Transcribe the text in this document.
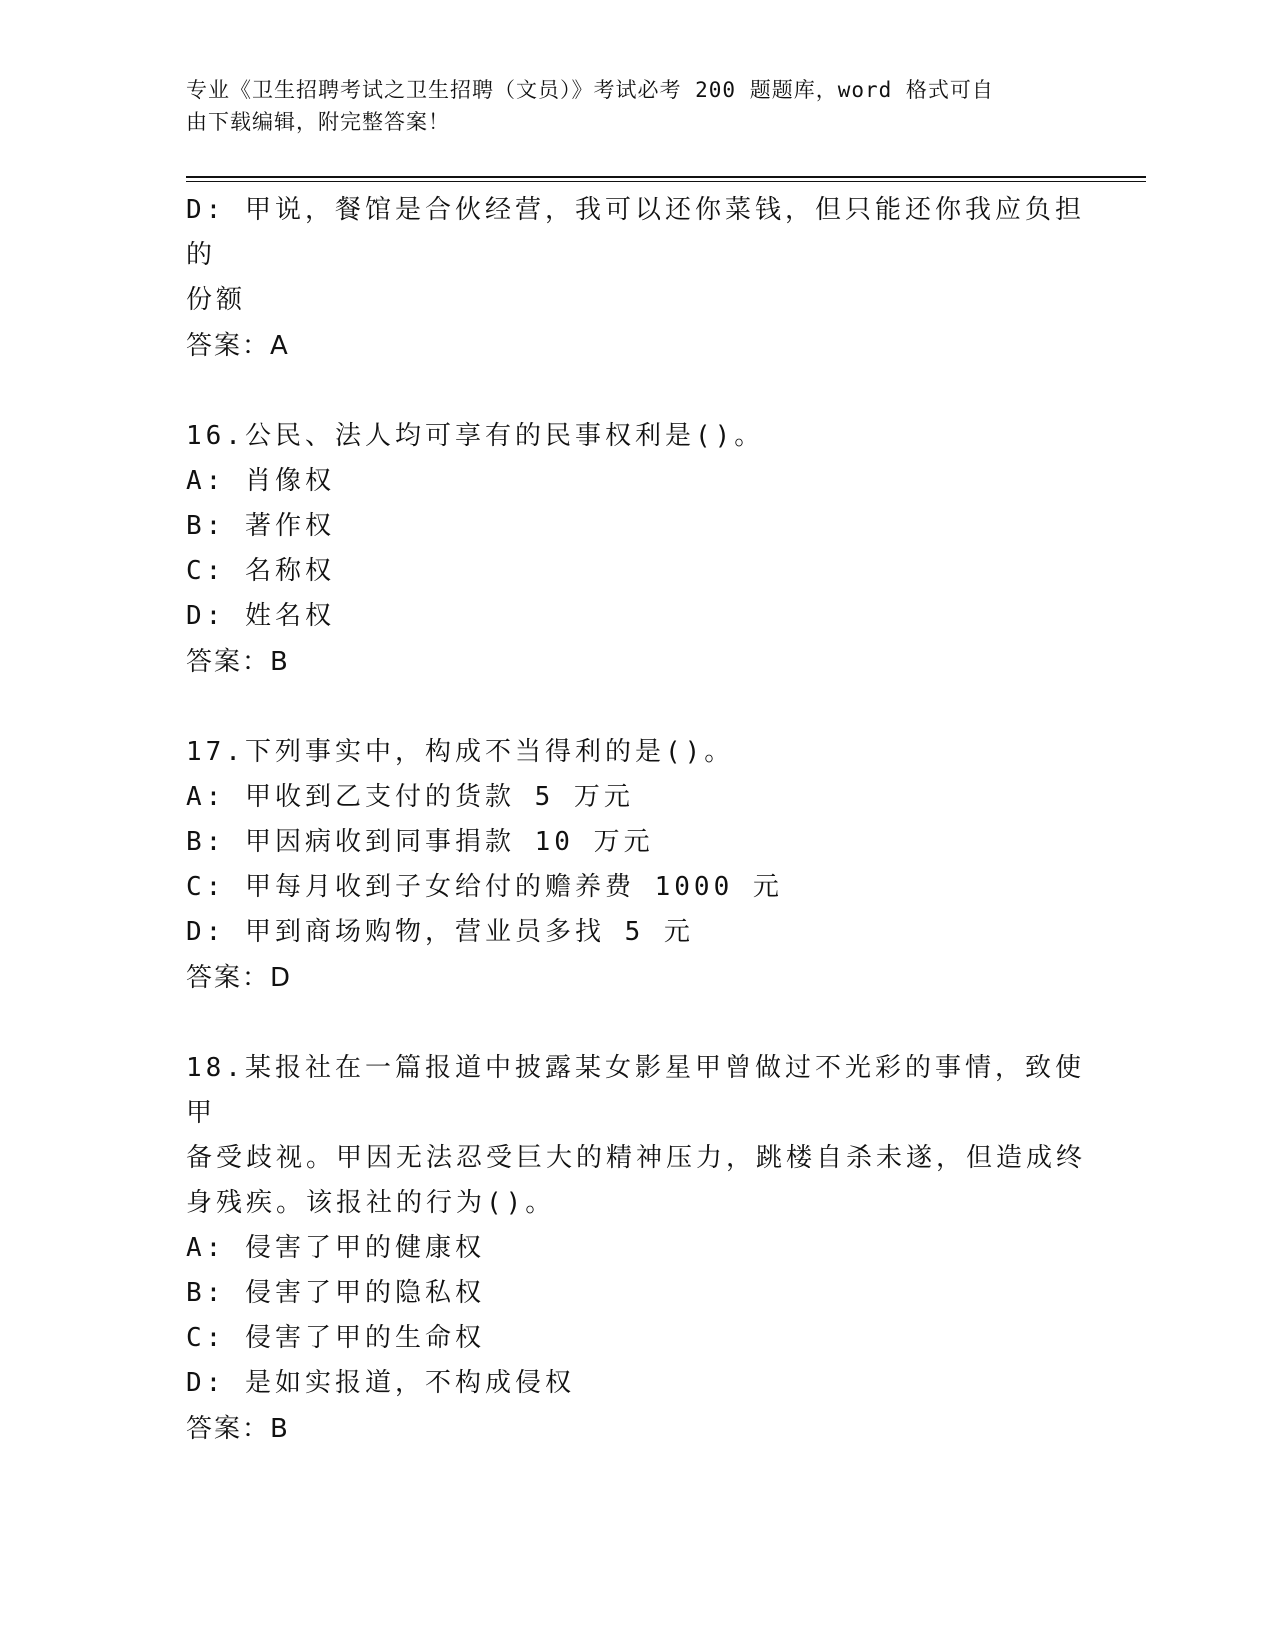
专业《卫生招聘考试之卫生招聘（文员）》考试必考 200 题题库，word 格式可自
由下载编辑，附完整答案！
D: 甲说，餐馆是合伙经营，我可以还你菜钱，但只能还你我应负担的
份额
答案：A
16.公民、法人均可享有的民事权利是()。
A: 肖像权
B: 著作权
C: 名称权
D: 姓名权
答案：B
17.下列事实中，构成不当得利的是()。
A: 甲收到乙支付的货款 5 万元
B: 甲因病收到同事捐款 10 万元
C: 甲每月收到子女给付的赡养费 1000 元
D: 甲到商场购物，营业员多找 5 元
答案：D
18.某报社在一篇报道中披露某女影星甲曾做过不光彩的事情，致使甲
备受歧视。甲因无法忍受巨大的精神压力，跳楼自杀未遂，但造成终
身残疾。该报社的行为()。
A: 侵害了甲的健康权
B: 侵害了甲的隐私权
C: 侵害了甲的生命权
D: 是如实报道，不构成侵权
答案：B
